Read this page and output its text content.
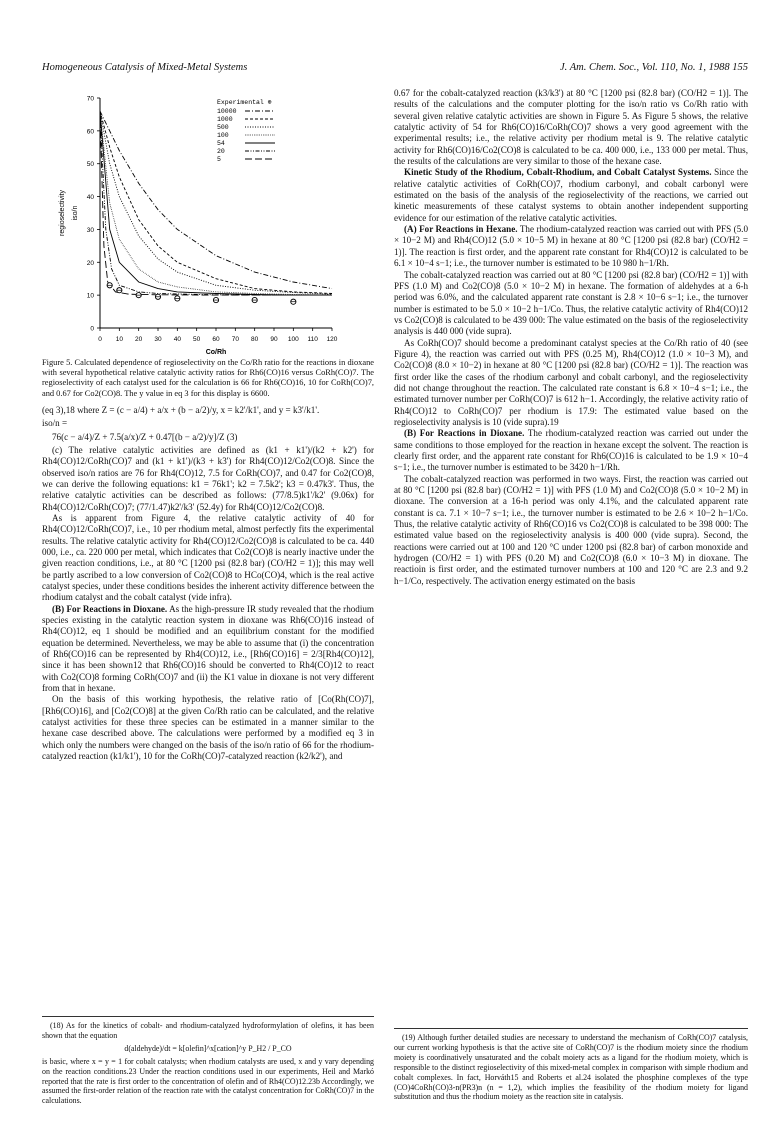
Homogeneous Catalysis of Mixed-Metal Systems	J. Am. Chem. Soc., Vol. 110, No. 1, 1988 155
0 10 20 30 40 50 60 70 80 90 100 110 120
0
10
20
30
40
50
60
70
Co/Rh
regioselectivity iso/n
Experimental ⊕
10000
1000
500
100
54
20
5

Figure 5. Calculated dependence of regioselectivity on the Co/Rh ratio for the reactions in dioxane with several hypothetical relative catalytic activity ratios for Rh6(CO)16 versus CoRh(CO)7. The regioselectivity of each catalyst used for the calculation is 66 for Rh6(CO)16, 10 for CoRh(CO)7, and 0.67 for Co2(CO)8. The y value in eq 3 for this display is 6600.

(eq 3),18 where Z = (c − a/4) + a/x + (b − a/2)/y, x = k2'/k1', and y = k3'/k1'.

iso/n =

76(c − a/4)/Z + 7.5(a/x)/Z + 0.47[(b − a/2)/y]/Z (3)

(c) The relative catalytic activities are defined as (k1 + k1')/(k2 + k2') for Rh4(CO)12/CoRh(CO)7 and (k1 + k1')/(k3 + k3') for Rh4(CO)12/Co2(CO)8. Since the observed iso/n ratios are 76 for Rh4(CO)12, 7.5 for CoRh(CO)7, and 0.47 for Co2(CO)8, we can derive the following equations: k1 = 76k1'; k2 = 7.5k2'; k3 = 0.47k3'. Thus, the relative catalytic activities can be described as follows: (77/8.5)k1'/k2' (9.06x) for Rh4(CO)12/CoRh(CO)7; (77/1.47)k2'/k3' (52.4y) for Rh4(CO)12/Co2(CO)8.

As is apparent from Figure 4, the relative catalytic activity of 40 for Rh4(CO)12/CoRh(CO)7, i.e., 10 per rhodium metal, almost perfectly fits the experimental results. The relative catalytic activity for Rh4(CO)12/Co2(CO)8 is calculated to be ca. 440 000, i.e., ca. 220 000 per metal, which indicates that Co2(CO)8 is nearly inactive under the given reaction conditions, i.e., at 80 °C [1200 psi (82.8 bar) (CO/H2 = 1)]; this may well be partly ascribed to a low conversion of Co2(CO)8 to HCo(CO)4, which is the real active catalyst species, under these conditions besides the inherent activity difference between the rhodium catalyst and the cobalt catalyst (vide infra).

(B) For Reactions in Dioxane. As the high-pressure IR study revealed that the rhodium species existing in the catalytic reaction system in dioxane was Rh6(CO)16 instead of Rh4(CO)12, eq 1 should be modified and an equilibrium constant for the modified equation be determined. Nevertheless, we may be able to assume that (i) the concentration of Rh6(CO)16 can be represented by Rh4(CO)12, i.e., [Rh6(CO)16] = 2/3[Rh4(CO)12], since it has been shown12 that Rh6(CO)16 should be converted to Rh4(CO)12 to react with Co2(CO)8 forming CoRh(CO)7 and (ii) the K1 value in dioxane is not very different from that in hexane.

On the basis of this working hypothesis, the relative ratio of [Co(Rh(CO)7], [Rh6(CO)16], and [Co2(CO)8] at the given Co/Rh ratio can be calculated, and the relative catalyst activities for these three species can be estimated in a manner similar to the hexane case described above. The calculations were performed by a modified eq 3 in which only the numbers were changed on the basis of the iso/n ratio of 66 for the rhodium-catalyzed reaction (k1/k1'), 10 for the CoRh(CO)7-catalyzed reaction (k2/k2'), and

0.67 for the cobalt-catalyzed reaction (k3/k3') at 80 °C [1200 psi (82.8 bar) (CO/H2 = 1)]. The results of the calculations and the computer plotting for the iso/n ratio vs Co/Rh ratio with several given relative catalytic activities are shown in Figure 5. As Figure 5 shows, the relative catalytic activity of 54 for Rh6(CO)16/CoRh(CO)7 shows a very good agreement with the experimental results; i.e., the relative activity per rhodium metal is 9. The relative catalytic activity for Rh6(CO)16/Co2(CO)8 is calculated to be ca. 400 000, i.e., 133 000 per metal. Thus, the results of the calculations are very similar to those of the hexane case.

Kinetic Study of the Rhodium, Cobalt-Rhodium, and Cobalt Catalyst Systems. Since the relative catalytic activities of CoRh(CO)7, rhodium carbonyl, and cobalt carbonyl were estimated on the basis of the analysis of the regioselectivity of the reactions, we carried out kinetic measurements of these catalyst systems to obtain another independent supporting evidence for our estimation of the relative catalytic activities.

(A) For Reactions in Hexane. The rhodium-catalyzed reaction was carried out with PFS (5.0 × 10−2 M) and Rh4(CO)12 (5.0 × 10−5 M) in hexane at 80 °C [1200 psi (82.8 bar) (CO/H2 = 1)]. The reaction is first order, and the apparent rate constant for Rh4(CO)12 is calculated to be 6.1 × 10−4 s−1; i.e., the turnover number is estimated to be 10 980 h−1/Rh.

The cobalt-catalyzed reaction was carried out at 80 °C [1200 psi (82.8 bar) (CO/H2 = 1)] with PFS (1.0 M) and Co2(CO)8 (5.0 × 10−2 M) in hexane. The formation of aldehydes at a 6-h period was 6.0%, and the calculated apparent rate constant is 2.8 × 10−6 s−1; i.e., the turnover number is estimated to be 5.0 × 10−2 h−1/Co. Thus, the relative catalytic activity of Rh4(CO)12 vs Co2(CO)8 is calculated to be 439 000: The value estimated on the basis of the regioselectivity analysis is 440 000 (vide supra).

As CoRh(CO)7 should become a predominant catalyst species at the Co/Rh ratio of 40 (see Figure 4), the reaction was carried out with PFS (0.25 M), Rh4(CO)12 (1.0 × 10−3 M), and Co2(CO)8 (8.0 × 10−2) in hexane at 80 °C [1200 psi (82.8 bar) (CO/H2 = 1)]. The reaction was first order like the cases of the rhodium carbonyl and cobalt carbonyl, and the regioselectivity did not change throughout the reaction. The calculated rate constant is 6.8 × 10−4 s−1; i.e., the estimated turnover number per CoRh(CO)7 is 612 h−1. Accordingly, the relative activity ratio of Rh4(CO)12 to CoRh(CO)7 per rhodium is 17.9: The estimated value based on the regioselectivity analysis is 10 (vide supra).19

(B) For Reactions in Dioxane. The rhodium-catalyzed reaction was carried out under the same conditions to those employed for the reaction in hexane except the solvent. The reaction is clearly first order, and the apparent rate constant for Rh6(CO)16 is calculated to be 1.9 × 10−4 s−1; i.e., the turnover number is estimated to be 3420 h−1/Rh.

The cobalt-catalyzed reaction was performed in two ways. First, the reaction was carried out at 80 °C [1200 psi (82.8 bar) (CO/H2 = 1)] with PFS (1.0 M) and Co2(CO)8 (5.0 × 10−2 M) in dioxane. The conversion at a 16-h period was only 4.1%, and the calculated apparent rate constant is ca. 7.1 × 10−7 s−1; i.e., the turnover number is estimated to be 2.6 × 10−2 h−1/Co. Thus, the relative catalytic activity of Rh6(CO)16 vs Co2(CO)8 is calculated to be 398 000: The estimated value based on the regioselectivity analysis is 400 000 (vide supra). Second, the reactions were carried out at 100 and 120 °C under 1200 psi (82.8 bar) of carbon monoxide and hydrogen (CO/H2 = 1) with PFS (0.20 M) and Co2(CO)8 (6.0 × 10−3 M) in dioxane. The reactioin is first order, and the estimated turnover numbers at 100 and 120 °C are 2.3 and 9.2 h−1/Co, respectively. The activation energy estimated on the basis

(18) As for the kinetics of cobalt- and rhodium-catalyzed hydroformylation of olefins, it has been shown that the equation

d(aldehyde)/dt = k[olefin]^x[cation]^y P_H2 / P_CO

is basic, where x = y = 1 for cobalt catalysts; when rhodium catalysts are used, x and y vary depending on the reaction conditions.23 Under the reaction conditions used in our experiments, Heil and Markó reported that the rate is first order to the concentration of olefin and of Rh4(CO)12.23b Accordingly, we assumed the first-order relation of the reaction rate with the catalyst concentration for CoRh(CO)7 in the calculations.

(19) Although further detailed studies are necessary to understand the mechanism of CoRh(CO)7 catalysis, our current working hypothesis is that the active site of CoRh(CO)7 is the rhodium moiety since the rhodium moiety is coordinatively unsaturated and the cobalt moiety acts as a ligand for the rhodium moiety, which is responsible to the distinct regioselectivity of this mixed-metal complex in comparison with simple rhodium and cobalt complexes. In fact, Horváth15 and Roberts et al.24 isolated the phosphine complexes of the type (CO)4CoRh(CO)3-n(PR3)n (n = 1,2), which implies the feasibility of the rhodium moiety for ligand substitution and thus the rhodium moiety as the reaction site in catalysis.
